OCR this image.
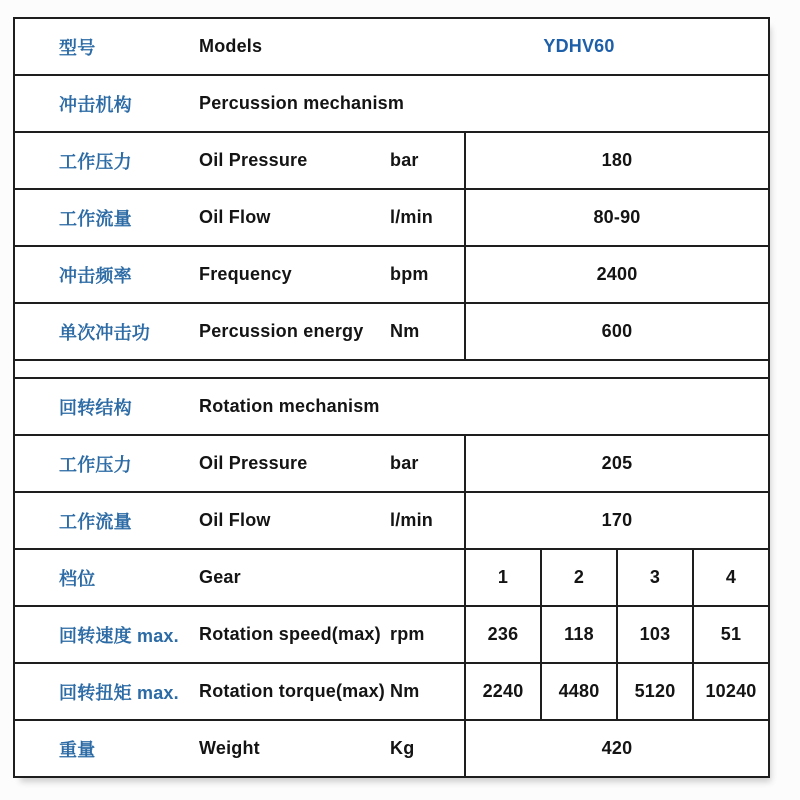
型号	Models	YDHV60
冲击机构	Percussion mechanism
工作压力	Oil Pressure	bar	180
工作流量	Oil Flow	l/min	80-90
冲击频率	Frequency	bpm	2400
单次冲击功	Percussion energy	Nm	600
回转结构	Rotation mechanism
工作压力	Oil Pressure	bar	205
工作流量	Oil Flow	l/min	170
档位	Gear	1	2	3	4
回转速度 max.	Rotation speed(max) rpm	236	118	103	51
回转扭矩 max.	Rotation torque(max) Nm	2240	4480	5120	10240
重量	Weight	Kg	420
